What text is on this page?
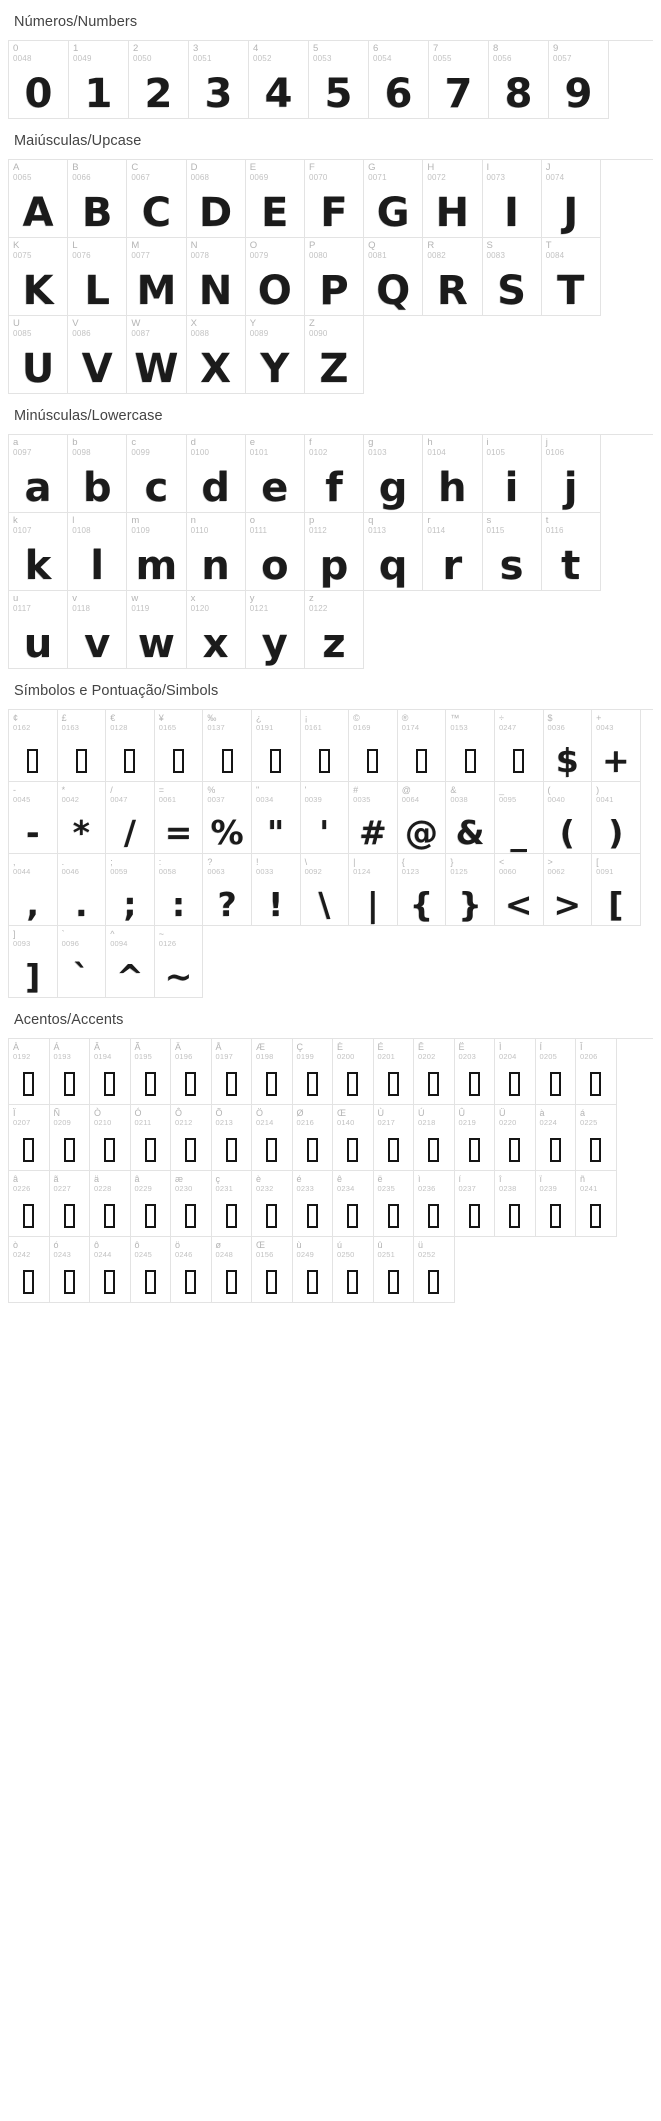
Números/Numbers
0
0048
0
1
0049
1
2
0050
2
3
0051
3
4
0052
4
5
0053
5
6
0054
6
7
0055
7
8
0056
8
9
0057
9
Maiúsculas/Upcase
A
0065
A
B
0066
B
C
0067
C
D
0068
D
E
0069
E
F
0070
F
G
0071
G
H
0072
H
I
0073
I
J
0074
J
K
0075
K
L
0076
L
M
0077
M
N
0078
N
O
0079
O
P
0080
P
Q
0081
Q
R
0082
R
S
0083
S
T
0084
T
U
0085
U
V
0086
V
W
0087
W
X
0088
X
Y
0089
Y
Z
0090
Z
Minúsculas/Lowercase
a
0097
a
b
0098
b
c
0099
c
d
0100
d
e
0101
e
f
0102
f
g
0103
g
h
0104
h
i
0105
i
j
0106
j
k
0107
k
l
0108
l
m
0109
m
n
0110
n
o
0111
o
p
0112
p
q
0113
q
r
0114
r
s
0115
s
t
0116
t
u
0117
u
v
0118
v
w
0119
w
x
0120
x
y
0121
y
z
0122
z
Símbolos e Pontuação/Simbols
¢
0162
£
0163
€
0128
¥
0165
‰
0137
¿
0191
¡
0161
©
0169
®
0174
™
0153
÷
0247
$
0036
$
+
0043
+
-
0045
-
*
0042
*
/
0047
/
=
0061
=
%
0037
%
"
0034
"
'
0039
'
#
0035
#
@
0064
@
&
0038
&
_
0095
_
(
0040
(
)
0041
)
,
0044
,
.
0046
.
;
0059
;
:
0058
:
?
0063
?
!
0033
!
\
0092
\
|
0124
|
{
0123
{
}
0125
}
<
0060
<
>
0062
>
[
0091
[
]
0093
]
`
0096
`
^
0094
^
~
0126
~
Acentos/Accents
À
0192
Á
0193
Â
0194
Ã
0195
Ä
0196
Å
0197
Æ
0198
Ç
0199
È
0200
É
0201
Ê
0202
Ë
0203
Ì
0204
Í
0205
Î
0206
Ï
0207
Ñ
0209
Ò
0210
Ó
0211
Ô
0212
Õ
0213
Ö
0214
Ø
0216
Œ
0140
Ù
0217
Ú
0218
Û
0219
Ü
0220
à
0224
á
0225
â
0226
ã
0227
ä
0228
â
0229
æ
0230
ç
0231
è
0232
é
0233
ê
0234
ë
0235
ì
0236
í
0237
î
0238
ï
0239
ñ
0241
ò
0242
ó
0243
ô
0244
ô
0245
ö
0246
ø
0248
Œ
0156
ù
0249
ú
0250
û
0251
ü
0252
